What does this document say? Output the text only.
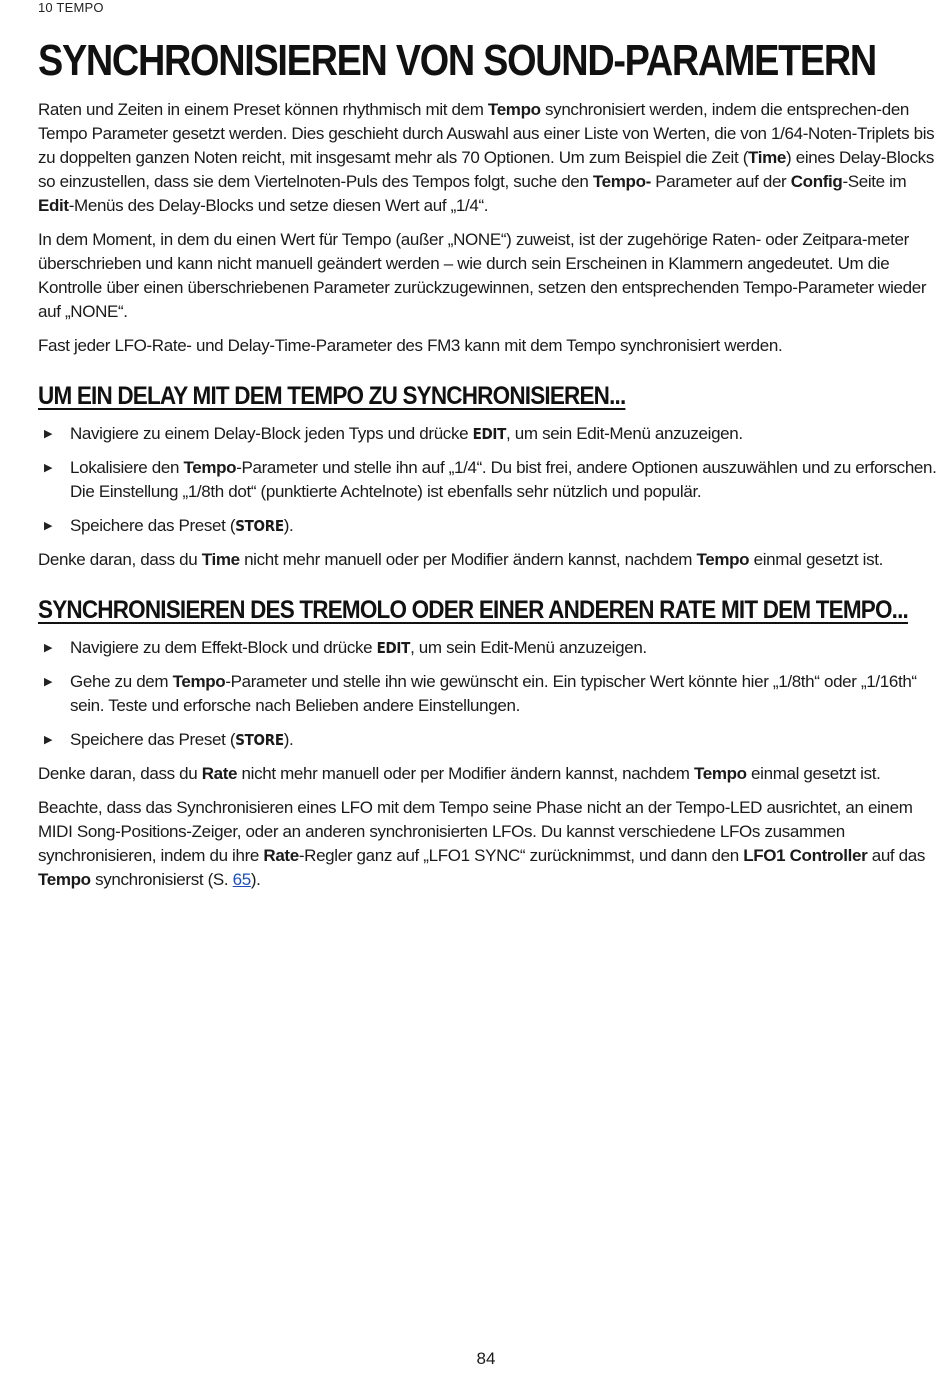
10 TEMPO
SYNCHRONISIEREN VON SOUND-PARAMETERN

Raten und Zeiten in einem Preset können rhythmisch mit dem Tempo synchronisiert werden, indem die entsprechen-den Tempo Parameter gesetzt werden. Dies geschieht durch Auswahl aus einer Liste von Werten, die von 1/64-Noten-Triplets bis zu doppelten ganzen Noten reicht, mit insgesamt mehr als 70 Optionen. Um zum Beispiel die Zeit (Time) eines Delay-Blocks so einzustellen, dass sie dem Viertelnoten-Puls des Tempos folgt, suche den Tempo- Parameter auf der Config-Seite im Edit-Menüs des Delay-Blocks und setze diesen Wert auf „1/4“.

In dem Moment, in dem du einen Wert für Tempo (außer „NONE“) zuweist, ist der zugehörige Raten- oder Zeitpara-meter überschrieben und kann nicht manuell geändert werden – wie durch sein Erscheinen in Klammern angedeutet. Um die Kontrolle über einen überschriebenen Parameter zurückzugewinnen, setzen den entsprechenden Tempo-Parameter wieder auf „NONE“.

Fast jeder LFO-Rate- und Delay-Time-Parameter des FM3 kann mit dem Tempo synchronisiert werden.

UM EIN DELAY MIT DEM TEMPO ZU SYNCHRONISIEREN...
▶ Navigiere zu einem Delay-Block jeden Typs und drücke EDIT, um sein Edit-Menü anzuzeigen.
▶ Lokalisiere den Tempo-Parameter und stelle ihn auf „1/4“. Du bist frei, andere Optionen auszuwählen und zu erforschen. Die Einstellung „1/8th dot“ (punktierte Achtelnote) ist ebenfalls sehr nützlich und populär.
▶ Speichere das Preset (STORE).

Denke daran, dass du Time nicht mehr manuell oder per Modifier ändern kannst, nachdem Tempo einmal gesetzt ist.

SYNCHRONISIEREN DES TREMOLO ODER EINER ANDEREN RATE MIT DEM TEMPO...
▶ Navigiere zu dem Effekt-Block und drücke EDIT, um sein Edit-Menü anzuzeigen.
▶ Gehe zu dem Tempo-Parameter und stelle ihn wie gewünscht ein. Ein typischer Wert könnte hier „1/8th“ oder „1/16th“ sein. Teste und erforsche nach Belieben andere Einstellungen.
▶ Speichere das Preset (STORE).

Denke daran, dass du Rate nicht mehr manuell oder per Modifier ändern kannst, nachdem Tempo einmal gesetzt ist.

Beachte, dass das Synchronisieren eines LFO mit dem Tempo seine Phase nicht an der Tempo-LED ausrichtet, an einem MIDI Song-Positions-Zeiger, oder an anderen synchronisierten LFOs. Du kannst verschiedene LFOs zusammen synchronisieren, indem du ihre Rate-Regler ganz auf „LFO1 SYNC“ zurücknimmst, und dann den LFO1 Controller auf das Tempo synchronisierst (S. 65).

84
